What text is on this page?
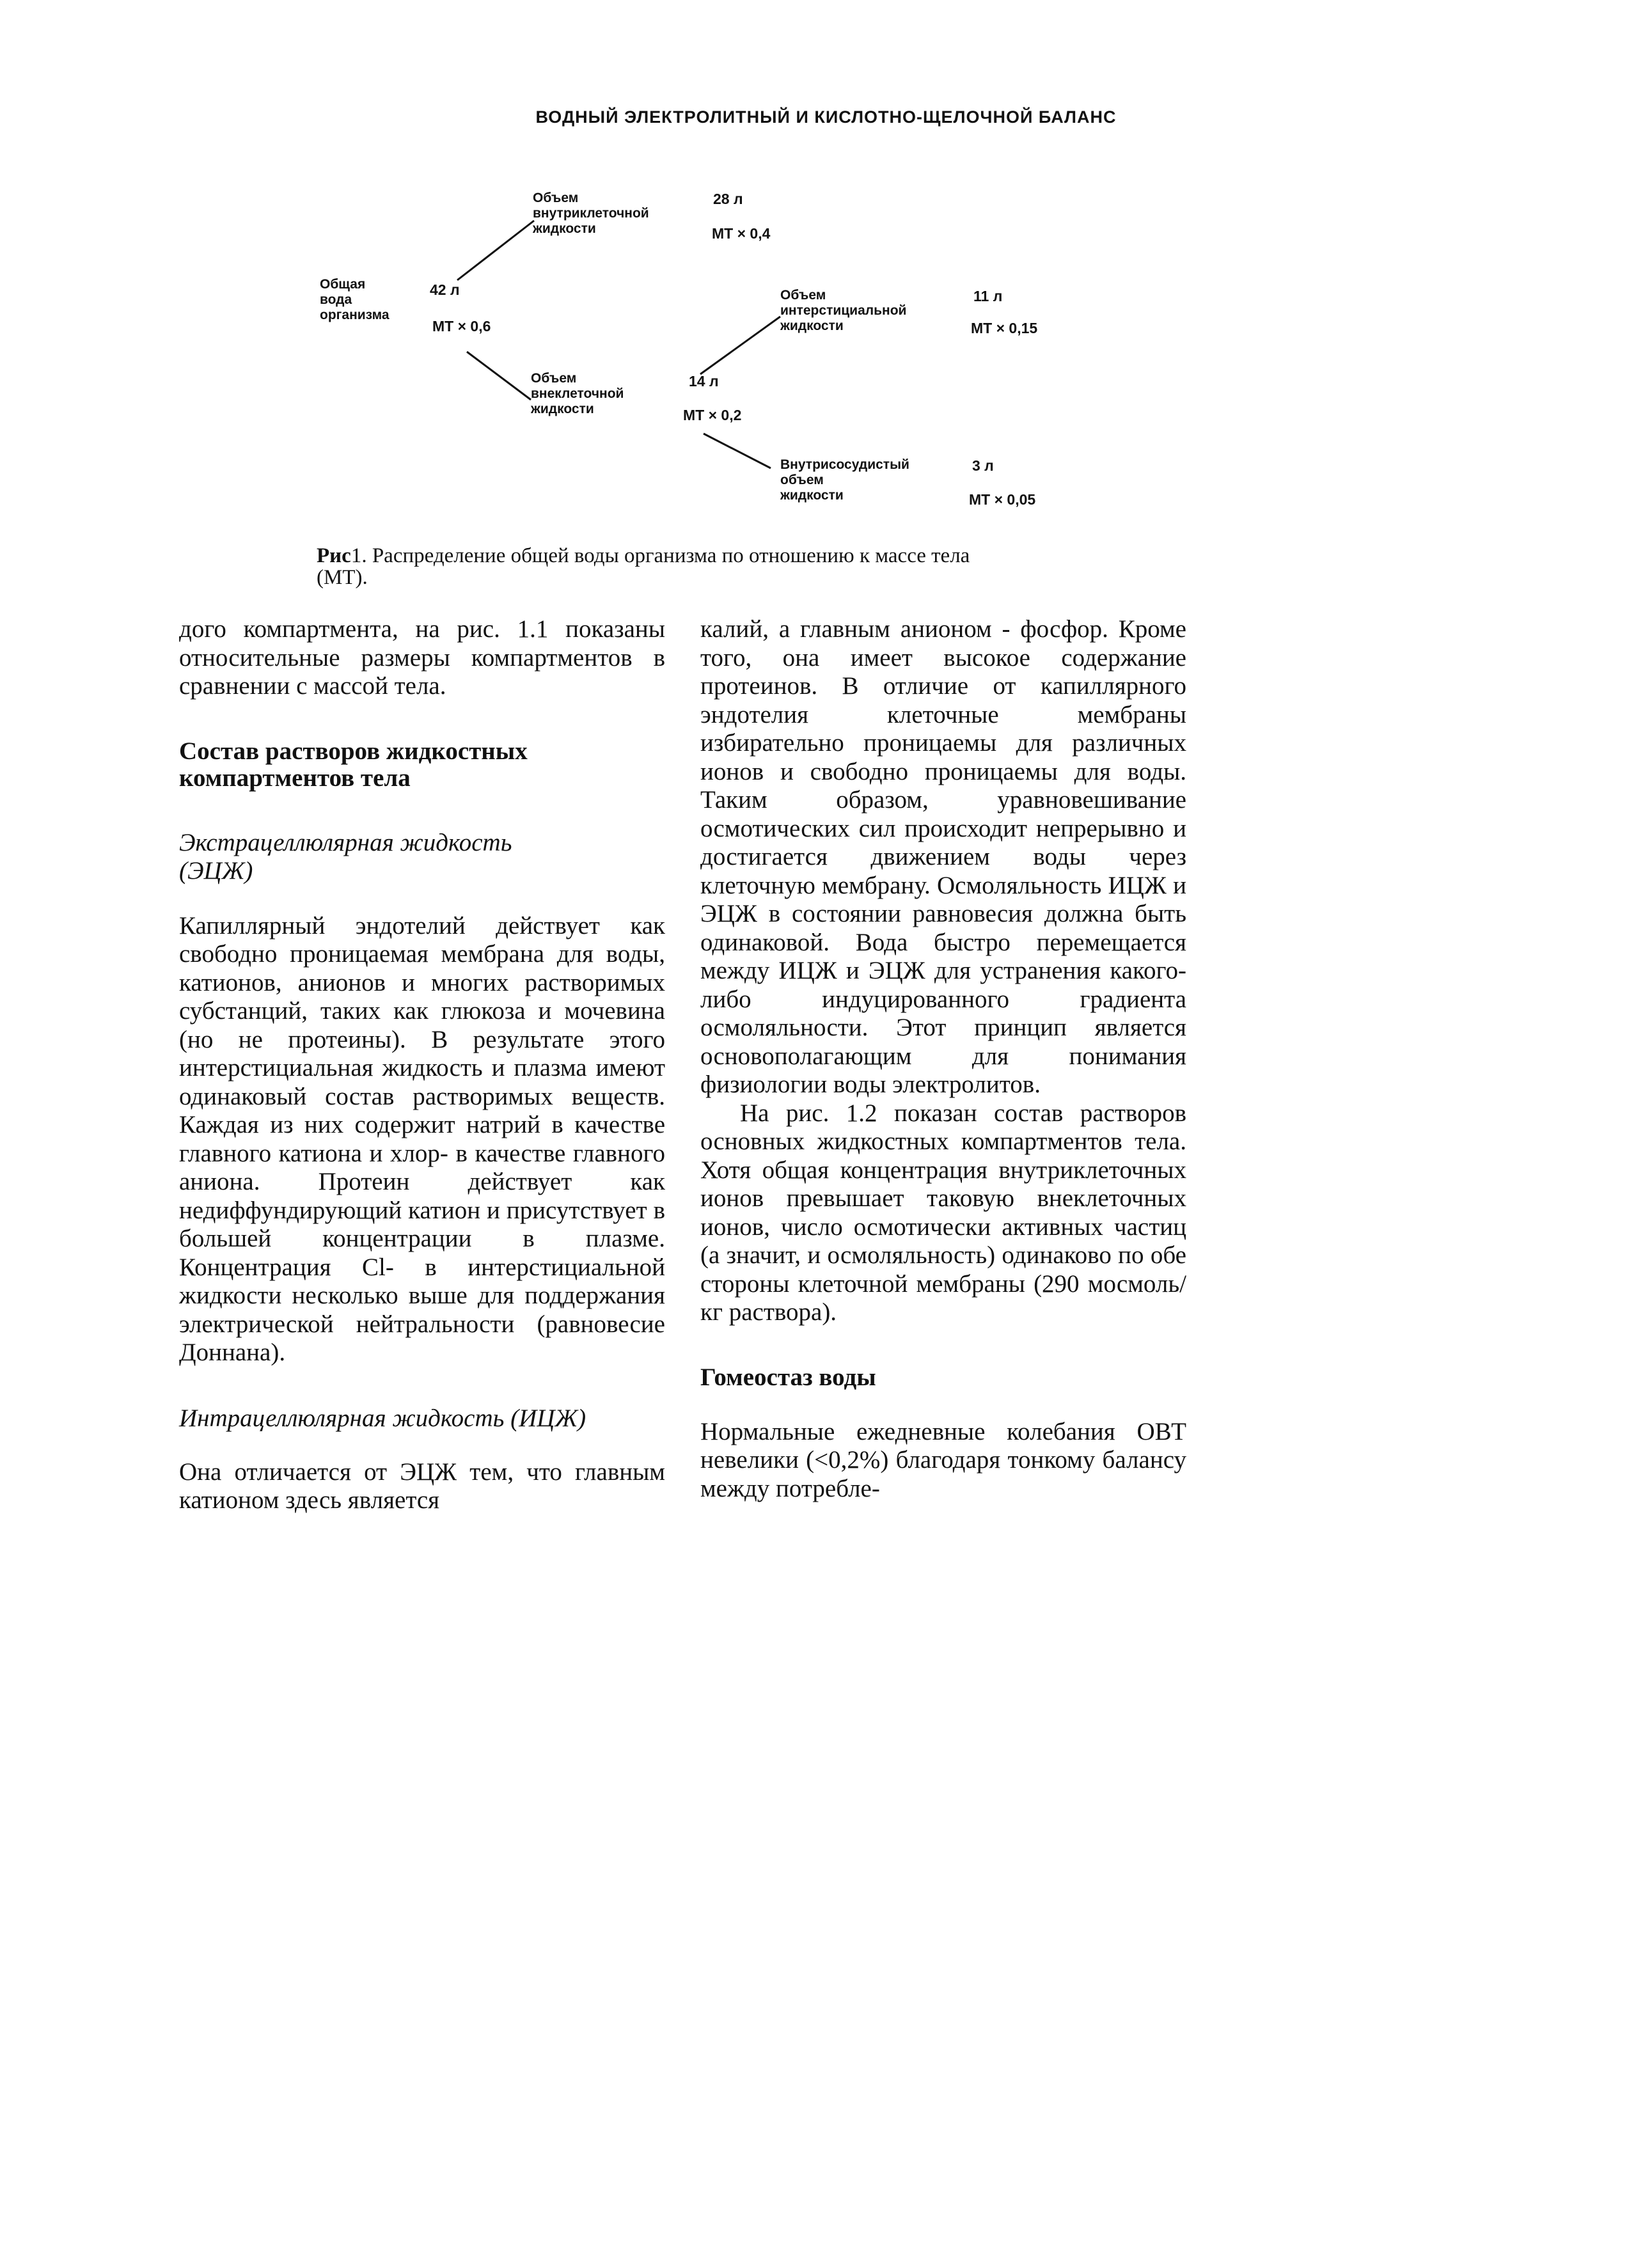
ВОДНЫЙ ЭЛЕКТРОЛИТНЫЙ И КИСЛОТНО-ЩЕЛОЧНОЙ БАЛАНС
Общая
вода
организма
42 л
МТ × 0,6
Объем
внутриклеточной
жидкости
28 л
МТ × 0,4
Объем
интерстициальной
жидкости
11 л
МТ × 0,15
Объем
внеклеточной
жидкости
14 л
МТ × 0,2
Внутрисосудистый
объем
жидкости
3 л
МТ × 0,05
Рис1. Распределение общей воды организма по отношению к массе тела (МТ).

дого компартмента, на рис. 1.1 показаны относительные размеры компартментов в сравнении с массой тела.

Состав растворов жидкостных
компартментов тела

Экстрацеллюлярная жидкость
(ЭЦЖ)

Капиллярный эндотелий действует как свободно проницаемая мембрана для воды, катионов, анионов и многих растворимых субстанций, таких как глюкоза и мочевина (но не протеины). В результате этого интерстициальная жидкость и плазма имеют одинаковый состав растворимых веществ. Каждая из них содержит натрий в качестве главного катиона и хлор- в качестве главного аниона. Протеин действует как недиффундирующий катион и присутствует в большей концентрации в плазме. Концентрация Cl- в интерстициальной жидкости несколько выше для поддержания электрической нейтральности (равновесие Доннана).

Интрацеллюлярная жидкость (ИЦЖ)

Она отличается от ЭЦЖ тем, что главным катионом здесь является

калий, а главным анионом - фосфор. Кроме того, она имеет высокое содержание протеинов. В отличие от капиллярного эндотелия клеточные мембраны избирательно проницаемы для различных ионов и свободно проницаемы для воды. Таким образом, уравновешивание осмотических сил происходит непрерывно и достигается движением воды через клеточную мембрану. Осмоляльность ИЦЖ и ЭЦЖ в состоянии равновесия должна быть одинаковой. Вода быстро перемещается между ИЦЖ и ЭЦЖ для устранения какого-либо индуцированного градиента осмоляльности. Этот принцип является основополагающим для понимания физиологии воды электролитов.

На рис. 1.2 показан состав растворов основных жидкостных компартментов тела. Хотя общая концентрация внутриклеточных ионов превышает таковую внеклеточных ионов, число осмотически активных частиц (а значит, и осмоляльность) одинаково по обе стороны клеточной мембраны (290 мосмоль/кг раствора).

Гомеостаз воды

Нормальные ежедневные колебания ОВТ невелики (<0,2%) благодаря тонкому балансу между потребле-
